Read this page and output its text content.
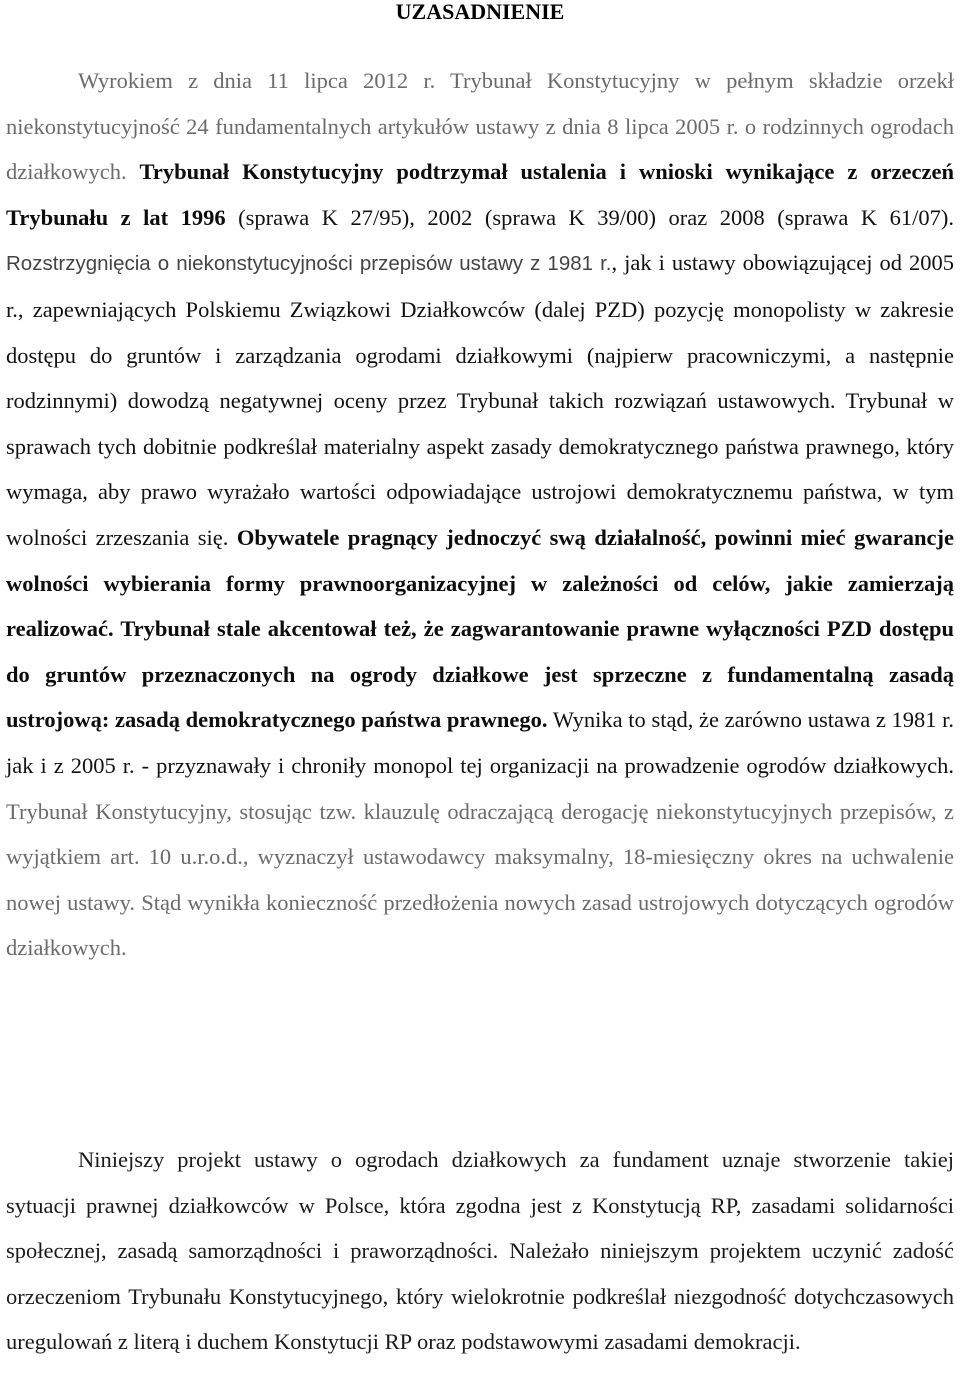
UZASADNIENIE

Wyrokiem z dnia 11 lipca 2012 r. Trybunał Konstytucyjny w pełnym składzie orzekł niekonstytucyjność 24 fundamentalnych artykułów ustawy z dnia 8 lipca 2005 r. o rodzinnych ogrodach działkowych. Trybunał Konstytucyjny podtrzymał ustalenia i wnioski wynikające z orzeczeń Trybunału z lat 1996 (sprawa K 27/95), 2002 (sprawa K 39/00) oraz 2008 (sprawa K 61/07). Rozstrzygnięcia o niekonstytucyjności przepisów ustawy z 1981 r., jak i ustawy obowiązującej od 2005 r., zapewniających Polskiemu Związkowi Działkowców (dalej PZD) pozycję monopolisty w zakresie dostępu do gruntów i zarządzania ogrodami działkowymi (najpierw pracowniczymi, a następnie rodzinnymi) dowodzą negatywnej oceny przez Trybunał takich rozwiązań ustawowych. Trybunał w sprawach tych dobitnie podkreślał materialny aspekt zasady demokratycznego państwa prawnego, który wymaga, aby prawo wyrażało wartości odpowiadające ustrojowi demokratycznemu państwa, w tym wolności zrzeszania się. Obywatele pragnący jednoczyć swą działalność, powinni mieć gwarancje wolności wybierania formy prawnoorganizacyjnej w zależności od celów, jakie zamierzają realizować. Trybunał stale akcentował też, że zagwarantowanie prawne wyłączności PZD dostępu do gruntów przeznaczonych na ogrody działkowe jest sprzeczne z fundamentalną zasadą ustrojową: zasadą demokratycznego państwa prawnego. Wynika to stąd, że zarówno ustawa z 1981 r. jak i z 2005 r. - przyznawały i chroniły monopol tej organizacji na prowadzenie ogrodów działkowych. Trybunał Konstytucyjny, stosując tzw. klauzulę odraczającą derogację niekonstytucyjnych przepisów, z wyjątkiem art. 10 u.r.o.d., wyznaczył ustawodawcy maksymalny, 18-miesięczny okres na uchwalenie nowej ustawy. Stąd wynikła konieczność przedłożenia nowych zasad ustrojowych dotyczących ogrodów działkowych.

Niniejszy projekt ustawy o ogrodach działkowych za fundament uznaje stworzenie takiej sytuacji prawnej działkowców w Polsce, która zgodna jest z Konstytucją RP, zasadami solidarności społecznej, zasadą samorządności i praworządności. Należało niniejszym projektem uczynić zadość orzeczeniom Trybunału Konstytucyjnego, który wielokrotnie podkreślał niezgodność dotychczasowych uregulowań z literą i duchem Konstytucji RP oraz podstawowymi zasadami demokracji.
